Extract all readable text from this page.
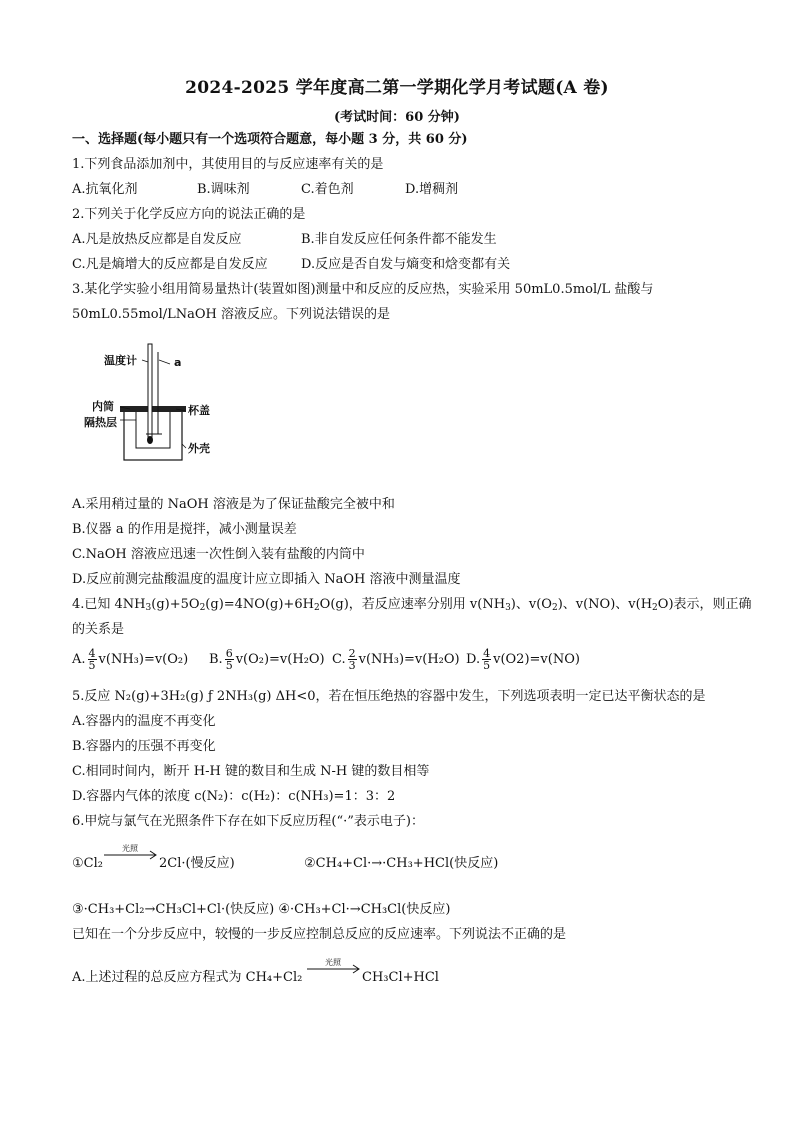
2024-2025 学年度高二第一学期化学月考试题(A 卷)
(考试时间：60 分钟)
一、选择题(每小题只有一个选项符合题意，每小题 3 分，共 60 分)
1.下列食品添加剂中，其使用目的与反应速率有关的是
A.抗氧化剂	B.调味剂	C.着色剂	D.增稠剂
2.下列关于化学反应方向的说法正确的是
A.凡是放热反应都是自发反应	B.非自发反应任何条件都不能发生
C.凡是熵增大的反应都是自发反应	D.反应是否自发与熵变和焓变都有关
3.某化学实验小组用简易量热计(装置如图)测量中和反应的反应热，实验采用 50mL0.5mol/L 盐酸与
50mL0.55mol/LNaOH 溶液反应。下列说法错误的是
温度计	a
内筒
隔热层
杯盖
外壳
A.采用稍过量的 NaOH 溶液是为了保证盐酸完全被中和
B.仪器 a 的作用是搅拌，减小测量误差
C.NaOH 溶液应迅速一次性倒入装有盐酸的内筒中
D.反应前测完盐酸温度的温度计应立即插入 NaOH 溶液中测量温度
4.已知 $4NH_3(g)+5O_2(g)=4NO(g)+6H_2O(g)$，若反应速率分别用 $v(NH_3)$、$v(O_2)$、v(NO)、$v(H_2O)$表示，则正确
的关系是
A. $\frac{4}{5} v(NH_3)=v(O_2)$ B. $\frac{6}{5} v(O_2)=v(H_2O)$ C. $\frac{2}{3} v(NH_3)=v(H_2O)$ D. $\frac{4}{5} v(O2)=v(NO)$
5.反应 N₂(g)+3H₂(g) ƒ 2NH₃(g) ΔH<0，若在恒压绝热的容器中发生，下列选项表明一定已达平衡状态的是
A.容器内的温度不再变化
B.容器内的压强不再变化
C.相同时间内，断开 H-H 键的数目和生成 N-H 键的数目相等
D.容器内气体的浓度 c(N₂)：c(H₂)：c(NH₃)=1：3：2
6.甲烷与氯气在光照条件下存在如下反应历程(“·”表示电子)：
①Cl₂
光照
2Cl·(慢反应)	②CH₄+Cl·→·CH₃+HCl(快反应)
③·CH₃+Cl₂→CH₃Cl+Cl·(快反应) ④·CH₃+Cl·→CH₃Cl(快反应)
已知在一个分步反应中，较慢的一步反应控制总反应的反应速率。下列说法不正确的是
A.上述过程的总反应方程式为 CH₄+Cl₂
光照
CH₃Cl+HCl
